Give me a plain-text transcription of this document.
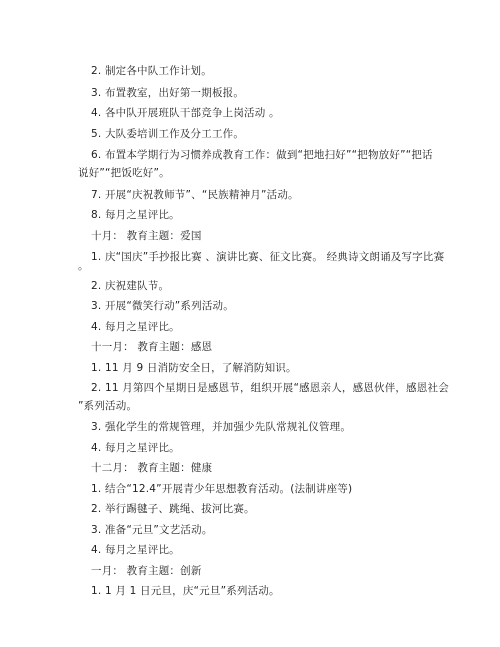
2. 制定各中队工作计划。
3. 布置教室，出好第一期板报。
4. 各中队开展班队干部竞争上岗活动 。
5. 大队委培训工作及分工工作。
6. 布置本学期行为习惯养成教育工作：做到“把地扫好”“把物放好”“把话
说好”“把饭吃好”。
7. 开展“庆祝教师节”、“民族精神月”活动。
8. 每月之星评比。
十月： 教育主题：爱国
1. 庆“国庆”手抄报比赛 、演讲比赛、征文比赛。 经典诗文朗诵及写字比赛
。
2. 庆祝建队节。
3. 开展“微笑行动”系列活动。
4. 每月之星评比。
十一月： 教育主题：感恩
1. 11 月 9 日消防安全日，了解消防知识。
2. 11 月第四个星期日是感恩节，组织开展“感恩亲人，感恩伙伴，感恩社会
”系列活动。
3. 强化学生的常规管理，并加强少先队常规礼仪管理。
4. 每月之星评比。
十二月： 教育主题：健康
1. 结合“12.4”开展青少年思想教育活动。(法制讲座等)
2. 举行踢毽子、跳绳、拔河比赛。
3. 准备“元旦”文艺活动。
4. 每月之星评比。
一月： 教育主题：创新
1. 1 月 1 日元旦，庆“元旦”系列活动。
